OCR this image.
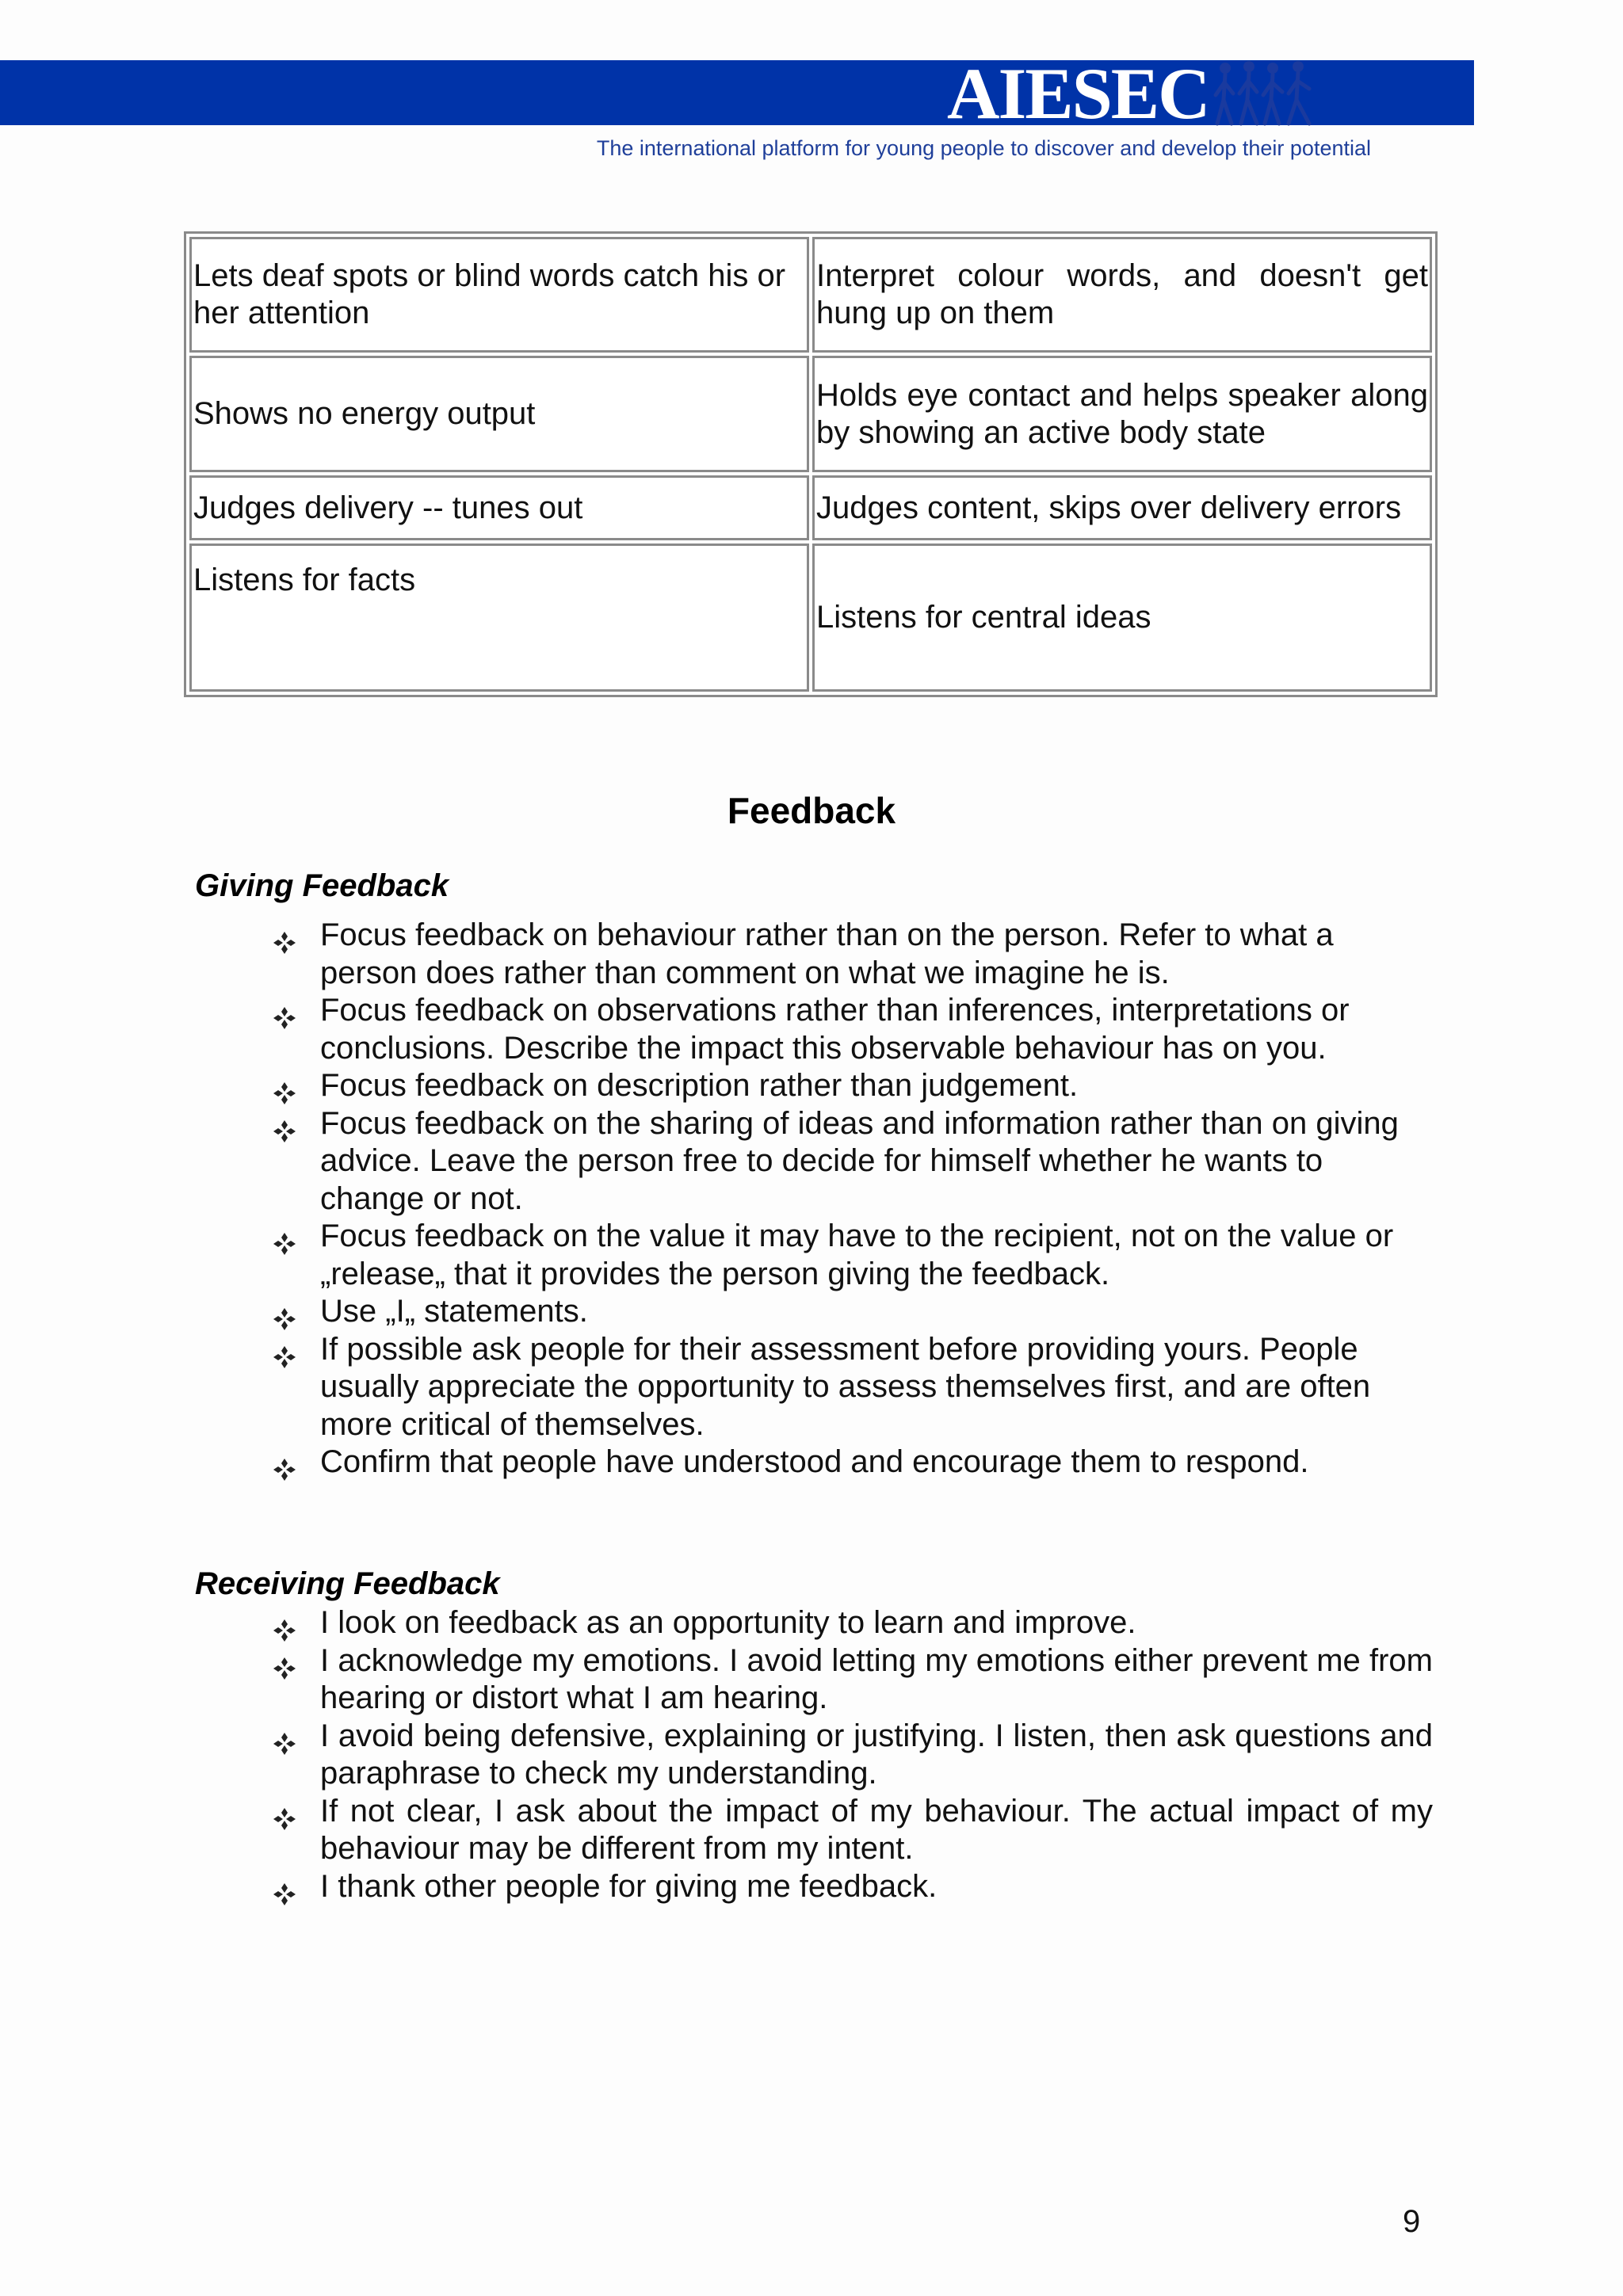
AIESEC
The international platform for young people to discover and develop their potential
Lets deaf spots or blind words catch his or her attention	Interpret colour words, and doesn't get hung up on them
Shows no energy output	Holds eye contact and helps speaker along by showing an active body state
Judges delivery -- tunes out	Judges content, skips over delivery errors
Listens for facts	Listens for central ideas
Feedback
Giving Feedback
Focus feedback on behaviour rather than on the person. Refer to what a person does rather than comment on what we imagine he is.
Focus feedback on observations rather than inferences, interpretations or conclusions. Describe the impact this observable behaviour has on you.
Focus feedback on description rather than judgement.
Focus feedback on the sharing of ideas and information rather than on giving advice. Leave the person free to decide for himself whether he wants to change or not.
Focus feedback on the value it may have to the recipient, not on the value or „release„ that it provides the person giving the feedback.
Use „I„ statements.
If possible ask people for their assessment before providing yours. People usually appreciate the opportunity to assess themselves first, and are often more critical of themselves.
Confirm that people have understood and encourage them to respond.
Receiving Feedback
I look on feedback as an opportunity to learn and improve.
I acknowledge my emotions. I avoid letting my emotions either prevent me from hearing or distort what I am hearing.
I avoid being defensive, explaining or justifying. I listen, then ask questions and paraphrase to check my understanding.
If not clear, I ask about the impact of my behaviour. The actual impact of my behaviour may be different from my intent.
I thank other people for giving me feedback.
9
